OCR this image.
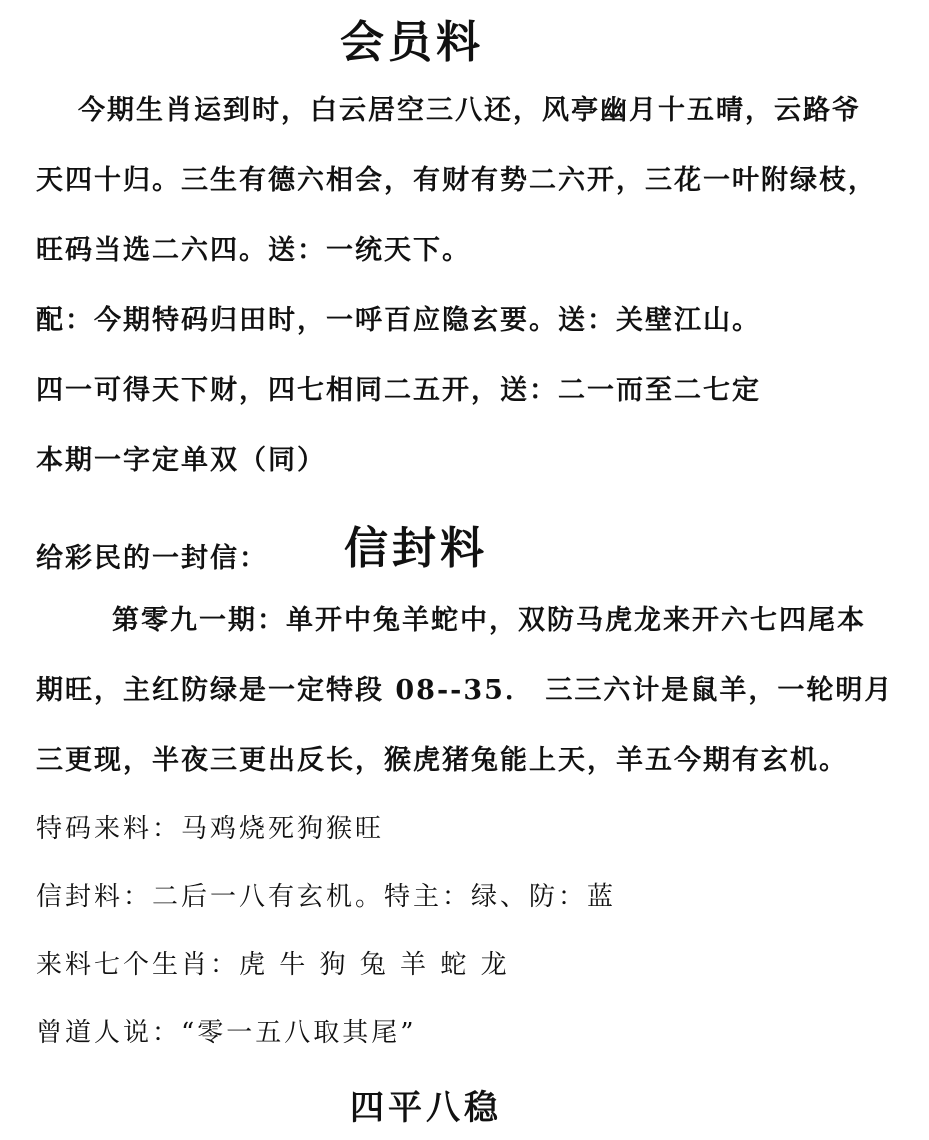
会员料
今期生肖运到时，白云居空三八还，风亭幽月十五晴，云路爷
天四十归。三生有德六相会，有财有势二六开，三花一叶附绿枝，
旺码当选二六四。送：一统天下。
配：今期特码归田时，一呼百应隐玄要。送：关壁江山。
四一可得天下财，四七相同二五开，送：二一而至二七定
本期一字定单双（同）
给彩民的一封信： 信封料
第零九一期：单开中兔羊蛇中，双防马虎龙来开六七四尾本
期旺，主红防绿是一定特段 08--35． 三三六计是鼠羊，一轮明月
三更现，半夜三更出反长，猴虎猪兔能上天，羊五今期有玄机。
特码来料：马鸡烧死狗猴旺
信封料：二后一八有玄机。特主：绿、防：蓝
来料七个生肖：虎 牛 狗 兔 羊 蛇 龙
曾道人说：“零一五八取其尾”
四平八稳
